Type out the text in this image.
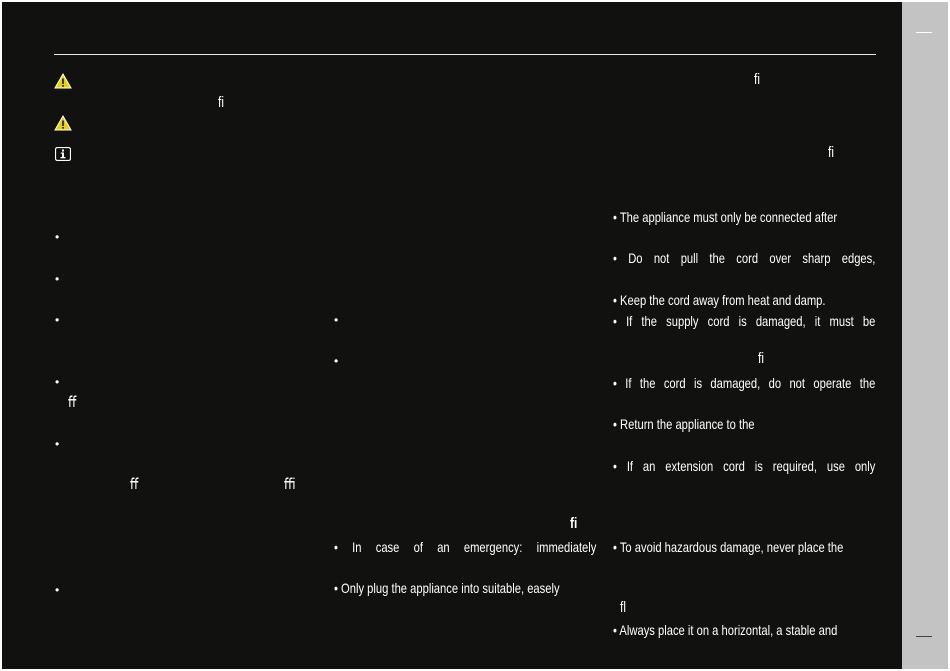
ﬁ
ﬁ
ﬁ
ﬁ
ﬀ
ﬀ	ﬃ
ﬁ
ﬂ
•
•
•
•
•
•
•
•
• In case of an emergency: immediately
• Only plug the appliance into suitable, easely
• The appliance must only be connected after
• Do not pull the cord over sharp edges,
• Keep the cord away from heat and damp.
• If the supply cord is damaged, it must be
• If the cord is damaged, do not operate the
• Return the appliance to the
• If an extension cord is required, use only
• To avoid hazardous damage, never place the
• Always place it on a horizontal, a stable and
